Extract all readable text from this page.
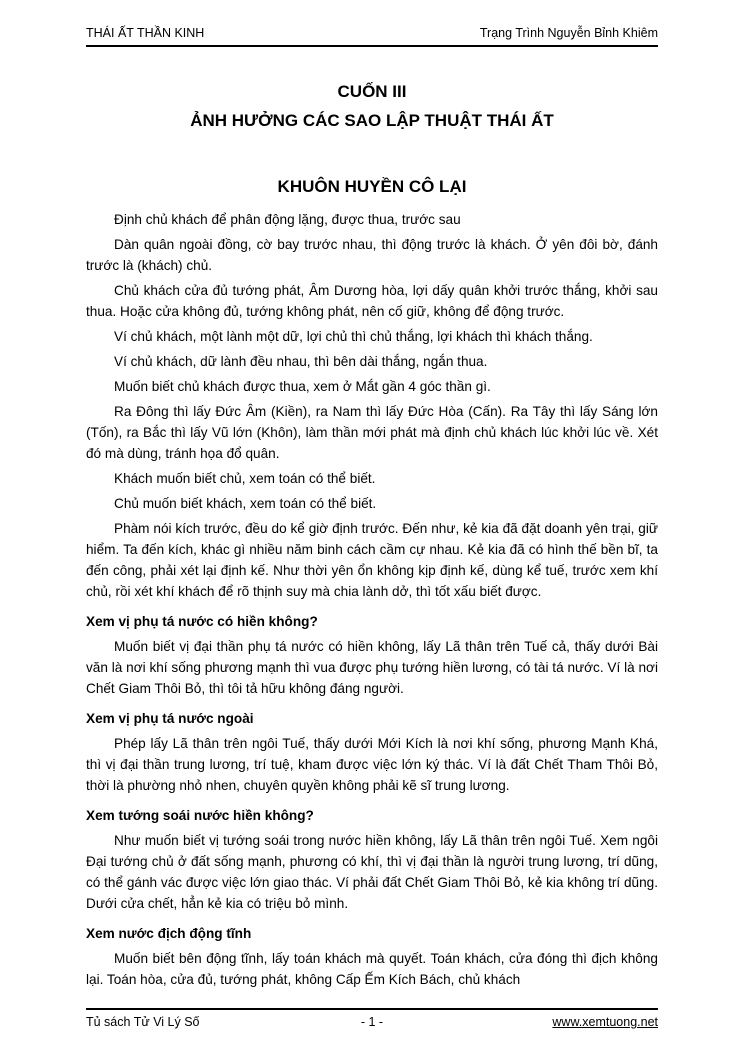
THÁI ẤT THẦN KINH	Trạng Trình Nguyễn Bỉnh Khiêm
CUỐN III
ẢNH HƯỞNG CÁC SAO LẬP THUẬT THÁI ẤT
KHUÔN HUYỀN CÔ LẠI

Định chủ khách để phân động lặng, được thua, trước sau

Dàn quân ngoài đồng, cờ bay trước nhau, thì động trước là khách. Ở yên đôi bờ, đánh trước là (khách) chủ.

Chủ khách cửa đủ tướng phát, Âm Dương hòa, lợi dấy quân khởi trước thắng, khởi sau thua. Hoặc cửa không đủ, tướng không phát, nên cố giữ, không để động trước.

Ví chủ khách, một lành một dữ, lợi chủ thì chủ thắng, lợi khách thì khách thắng.

Ví chủ khách, dữ lành đều nhau, thì bên dài thắng, ngắn thua.

Muốn biết chủ khách được thua, xem ở Mắt gần 4 góc thần gì.

Ra Đông thì lấy Đức Âm (Kiền), ra Nam thì lấy Đức Hòa (Cấn). Ra Tây thì lấy Sáng lớn (Tốn), ra Bắc thì lấy Vũ lớn (Khôn), làm thần mới phát mà định chủ khách lúc khởi lúc về. Xét đó mà dùng, tránh họa đổ quân.

Khách muốn biết chủ, xem toán có thể biết.

Chủ muốn biết khách, xem toán có thể biết.

Phàm nói kích trước, đều do kể giờ định trước. Đến như, kẻ kia đã đặt doanh yên trại, giữ hiểm. Ta đến kích, khác gì nhiều năm binh cách cầm cự nhau. Kẻ kia đã có hình thế bền bĩ, ta đến công, phải xét lại định kế. Như thời yên ổn không kịp định kế, dùng kể tuế, trước xem khí chủ, rồi xét khí khách để rõ thịnh suy mà chia lành dở, thì tốt xấu biết được.

Xem vị phụ tá nước có hiền không?

Muốn biết vị đại thần phụ tá nước có hiền không, lấy Lã thân trên Tuế cả, thấy dưới Bài văn là nơi khí sống phương mạnh thì vua được phụ tướng hiền lương, có tài tá nước. Ví là nơi Chết Giam Thôi Bỏ, thì tôi tả hữu không đáng người.

Xem vị phụ tá nước ngoài

Phép lấy Lã thân trên ngôi Tuế, thấy dưới Mới Kích là nơi khí sống, phương Mạnh Khá, thì vị đại thần trung lương, trí tuệ, kham được việc lớn ký thác. Ví là đất Chết Tham Thôi Bỏ, thời là phường nhỏ nhen, chuyên quyền không phải kẽ sĩ trung lương.

Xem tướng soái nước hiền không?

Như muốn biết vị tướng soái trong nước hiền không, lấy Lã thân trên ngôi Tuế. Xem ngôi Đại tướng chủ ở đất sống mạnh, phương có khí, thì vị đại thần là người trung lương, trí dũng, có thể gánh vác được việc lớn giao thác. Ví phải đất Chết Giam Thôi Bỏ, kẻ kia không trí dũng. Dưới cửa chết, hẳn kẻ kia có triệu bỏ mình.

Xem nước địch động tĩnh

Muốn biết bên động tĩnh, lấy toán khách mà quyết. Toán khách, cửa đóng thì địch không lại. Toán hòa, cửa đủ, tướng phát, không Cấp Ếm Kích Bách, chủ khách

- 1 -
Tủ sách Tử Vi Lý Số	www.xemtuong.net
